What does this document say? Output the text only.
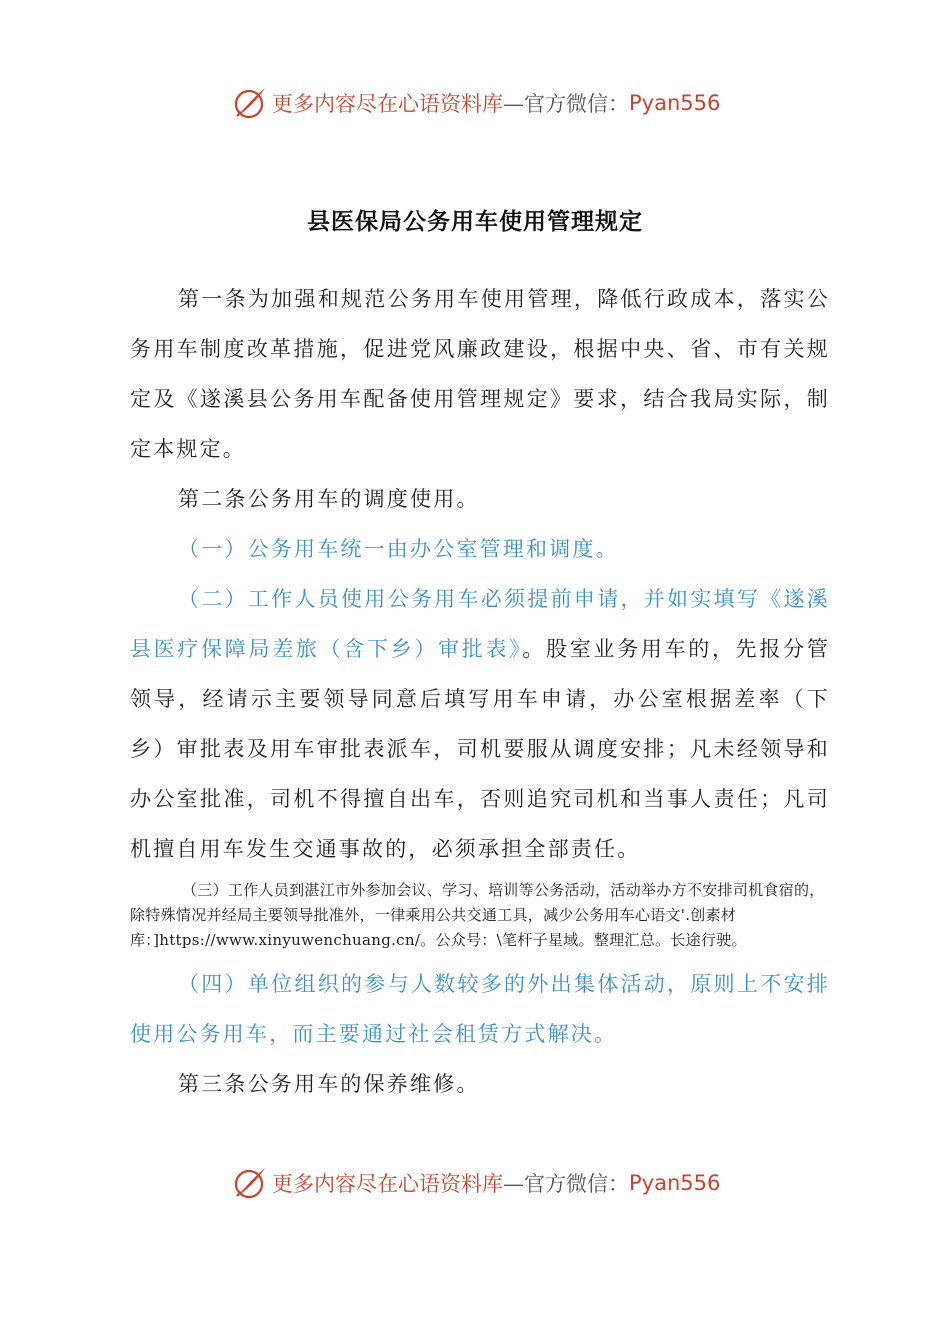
更多内容尽在心语资料库 —官方微信： Pyan556
县医保局公务用车使用管理规定

第一条为加强和规范公务用车使用管理，降低行政成本，落实公务用车制度改革措施，促进党风廉政建设，根据中央、省、市有关规定及《遂溪县公务用车配备使用管理规定》要求，结合我局实际，制定本规定。

第二条公务用车的调度使用。

（一）公务用车统一由办公室管理和调度。

（二）工作人员使用公务用车必须提前申请，并如实填写《遂溪县医疗保障局差旅（含下乡）审批表》。股室业务用车的，先报分管领导，经请示主要领导同意后填写用车申请，办公室根据差率（下乡）审批表及用车审批表派车，司机要服从调度安排；凡未经领导和办公室批准，司机不得擅自出车，否则追究司机和当事人责任；凡司机擅自用车发生交通事故的，必须承担全部责任。

（三）工作人员到湛江市外参加会议、学习、培训等公务活动，活动举办方不安排司机食宿的，除特殊情况并经局主要领导批准外，一律乘用公共交通工具，减少公务用车心语文'.创素材库：]https://www.xinyuwenchuang.cn/。公众号：\笔杆子星域。整理汇总。长途行驶。

（四）单位组织的参与人数较多的外出集体活动，原则上不安排使用公务用车，而主要通过社会租赁方式解决。

第三条公务用车的保养维修。

更多内容尽在心语资料库 —官方微信： Pyan556
